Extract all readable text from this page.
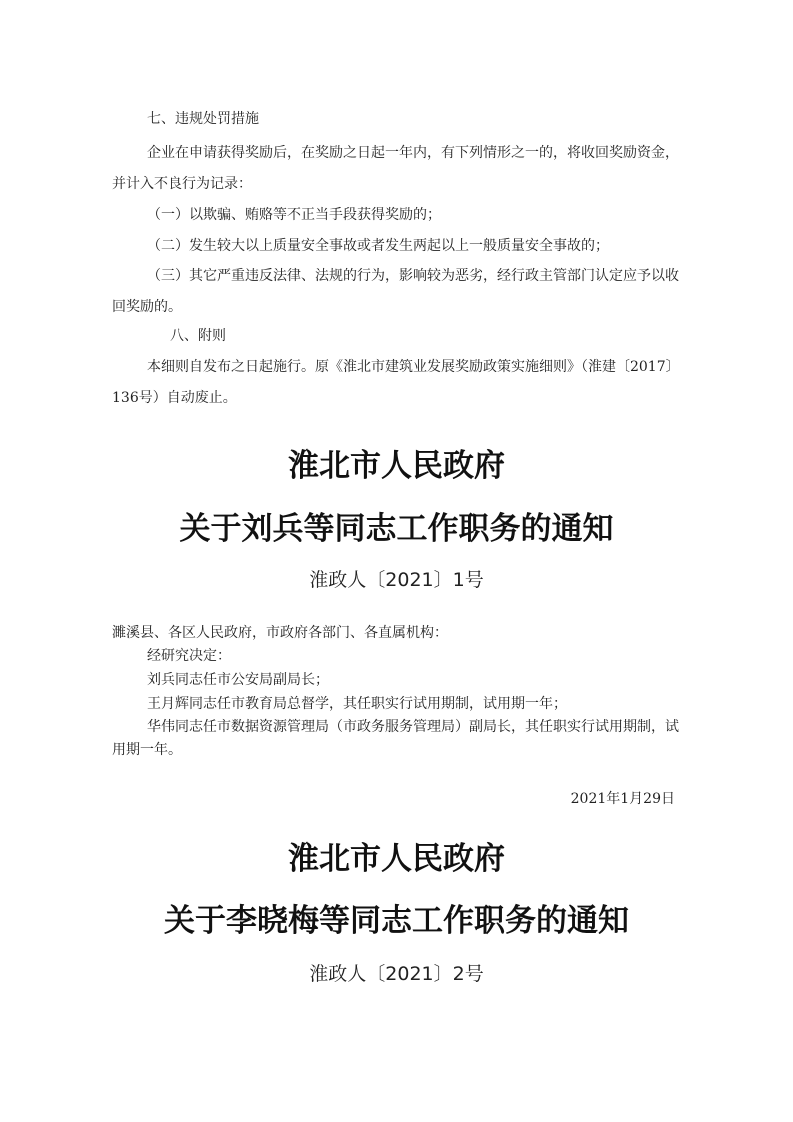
七、违规处罚措施
企业在申请获得奖励后，在奖励之日起一年内，有下列情形之一的，将收回奖励资金，
并计入不良行为记录：
（一）以欺骗、贿赂等不正当手段获得奖励的；
（二）发生较大以上质量安全事故或者发生两起以上一般质量安全事故的；
（三）其它严重违反法律、法规的行为，影响较为恶劣，经行政主管部门认定应予以收
回奖励的。
八、附则
本细则自发布之日起施行。原《淮北市建筑业发展奖励政策实施细则》（淮建〔2017〕
136号）自动废止。
淮北市人民政府
关于刘兵等同志工作职务的通知
淮政人〔2021〕1号
濉溪县、各区人民政府，市政府各部门、各直属机构：
经研究决定：
刘兵同志任市公安局副局长；
王月辉同志任市教育局总督学，其任职实行试用期制，试用期一年；
华伟同志任市数据资源管理局（市政务服务管理局）副局长，其任职实行试用期制，试
用期一年。
2021年1月29日
淮北市人民政府
关于李晓梅等同志工作职务的通知
淮政人〔2021〕2号
